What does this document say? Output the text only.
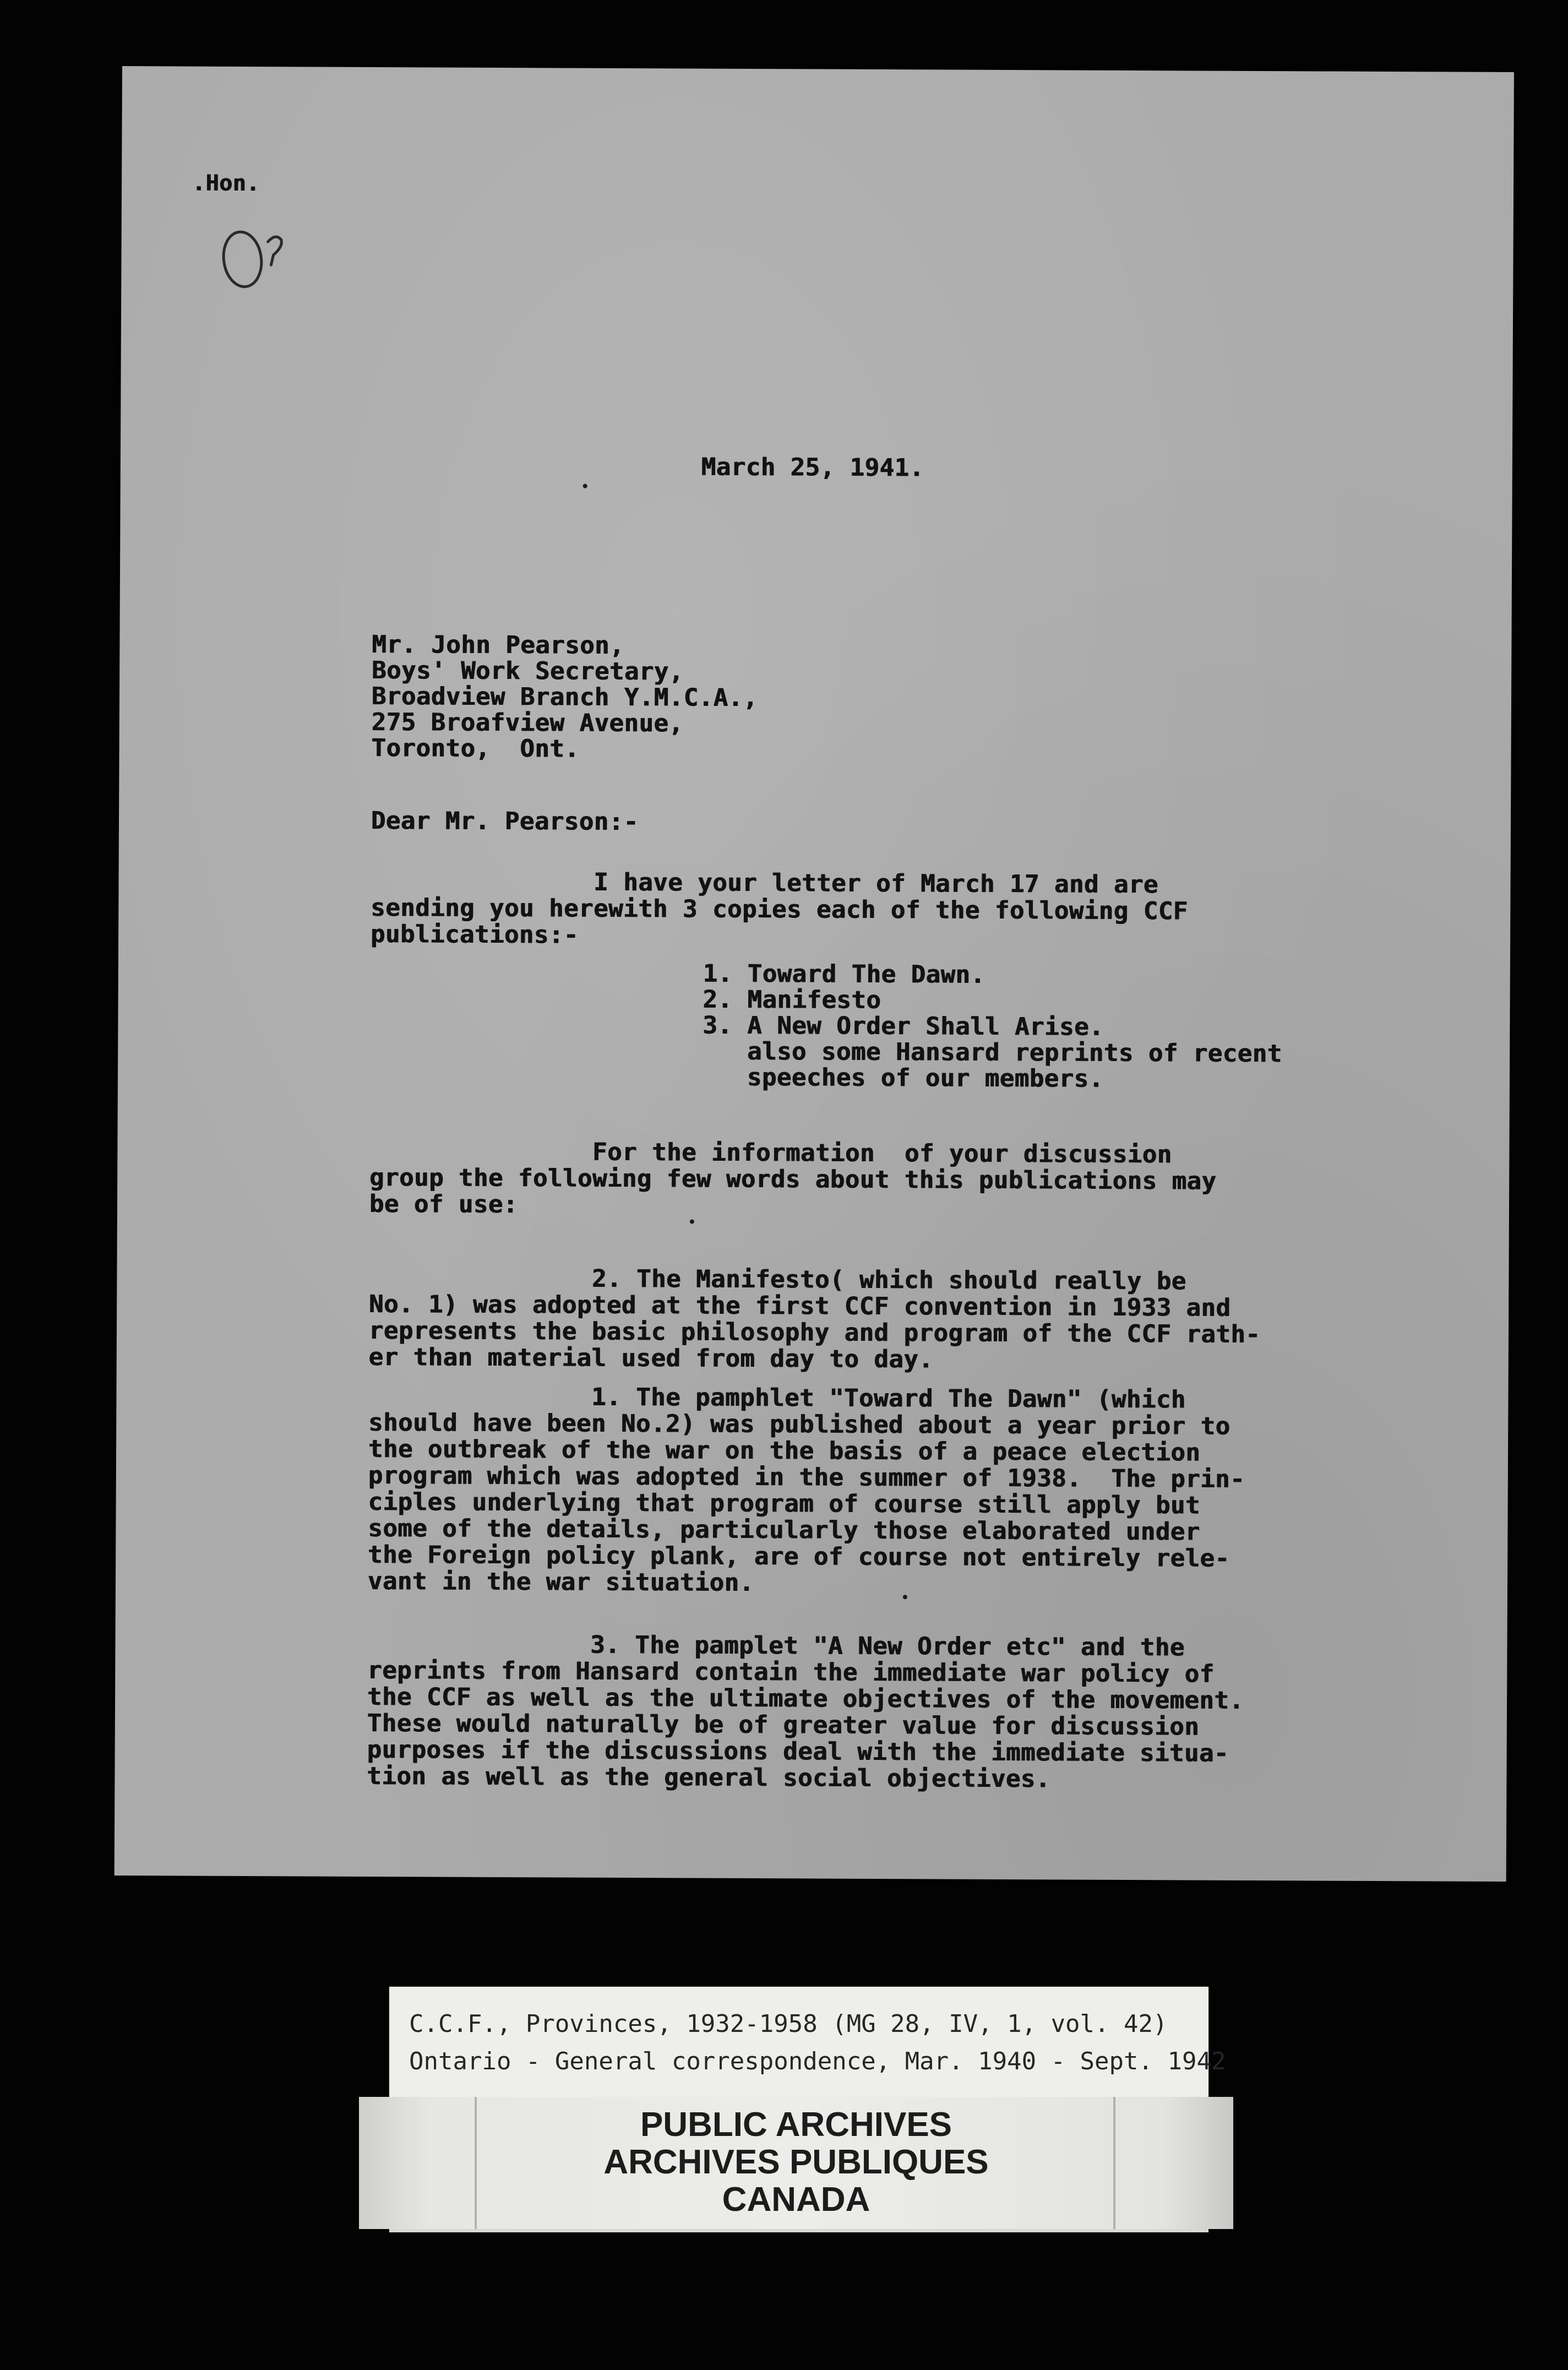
.Hon.
March 25, 1941.
Mr. John Pearson,
Boys' Work Secretary,
Broadview Branch Y.M.C.A.,
275 Broafview Avenue,
Toronto,  Ont.
Dear Mr. Pearson:-
I have your letter of March 17 and are
sending you herewith 3 copies each of the following CCF
publications:-
1. Toward The Dawn.
2. Manifesto
3. A New Order Shall Arise.
also some Hansard reprints of recent
speeches of our members.
For the information  of your discussion
group the following few words about this publications may
be of use:
2. The Manifesto( which should really be
No. 1) was adopted at the first CCF convention in 1933 and
represents the basic philosophy and program of the CCF rath-
er than material used from day to day.
1. The pamphlet "Toward The Dawn" (which
should have been No.2) was published about a year prior to
the outbreak of the war on the basis of a peace election
program which was adopted in the summer of 1938.  The prin-
ciples underlying that program of course still apply but
some of the details, particularly those elaborated under
the Foreign policy plank, are of course not entirely rele-
vant in the war situation.
3. The pamplet "A New Order etc" and the
reprints from Hansard contain the immediate war policy of
the CCF as well as the ultimate objectives of the movement.
These would naturally be of greater value for discussion
purposes if the discussions deal with the immediate situa-
tion as well as the general social objectives.
C.C.F., Provinces, 1932-1958 (MG 28, IV, 1, vol. 42)
Ontario - General correspondence, Mar. 1940 - Sept. 1942
PUBLIC ARCHIVES
ARCHIVES PUBLIQUES
CANADA
